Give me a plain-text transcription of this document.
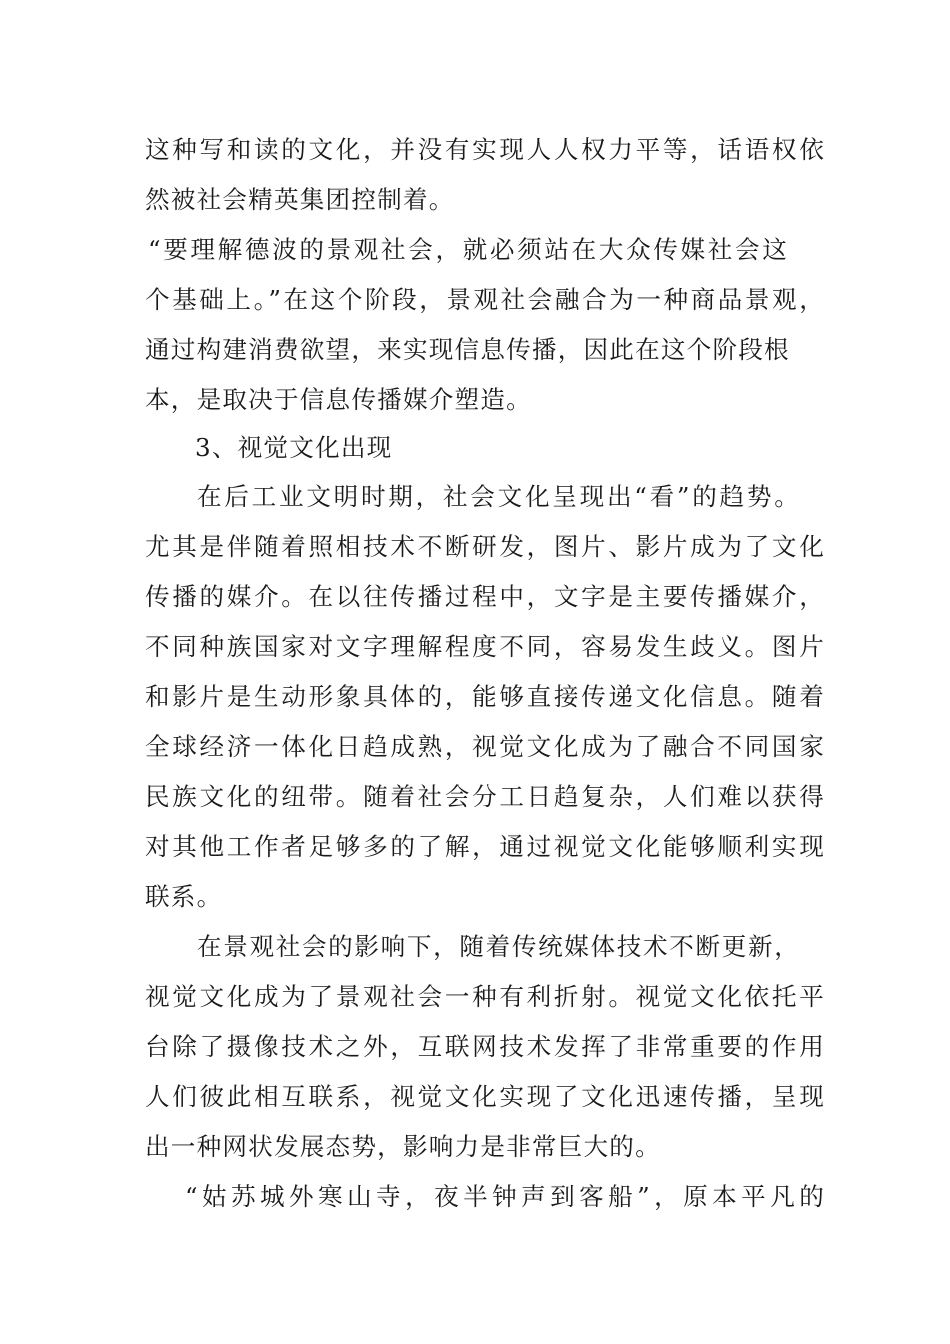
这种写和读的文化，并没有实现人人权力平等，话语权依
然被社会精英集团控制着。
“要理解德波的景观社会，就必须站在大众传媒社会这
个基础上。”在这个阶段，景观社会融合为一种商品景观，
通过构建消费欲望，来实现信息传播，因此在这个阶段根
本，是取决于信息传播媒介塑造。
3、视觉文化出现
在后工业文明时期，社会文化呈现出“看”的趋势。
尤其是伴随着照相技术不断研发，图片、影片成为了文化
传播的媒介。在以往传播过程中，文字是主要传播媒介，
不同种族国家对文字理解程度不同，容易发生歧义。图片
和影片是生动形象具体的，能够直接传递文化信息。随着
全球经济一体化日趋成熟，视觉文化成为了融合不同国家
民族文化的纽带。随着社会分工日趋复杂，人们难以获得
对其他工作者足够多的了解，通过视觉文化能够顺利实现
联系。
在景观社会的影响下，随着传统媒体技术不断更新，
视觉文化成为了景观社会一种有利折射。视觉文化依托平
台除了摄像技术之外，互联网技术发挥了非常重要的作用
人们彼此相互联系，视觉文化实现了文化迅速传播，呈现
出一种网状发展态势，影响力是非常巨大的。
“姑苏城外寒山寺，夜半钟声到客船”，原本平凡的
